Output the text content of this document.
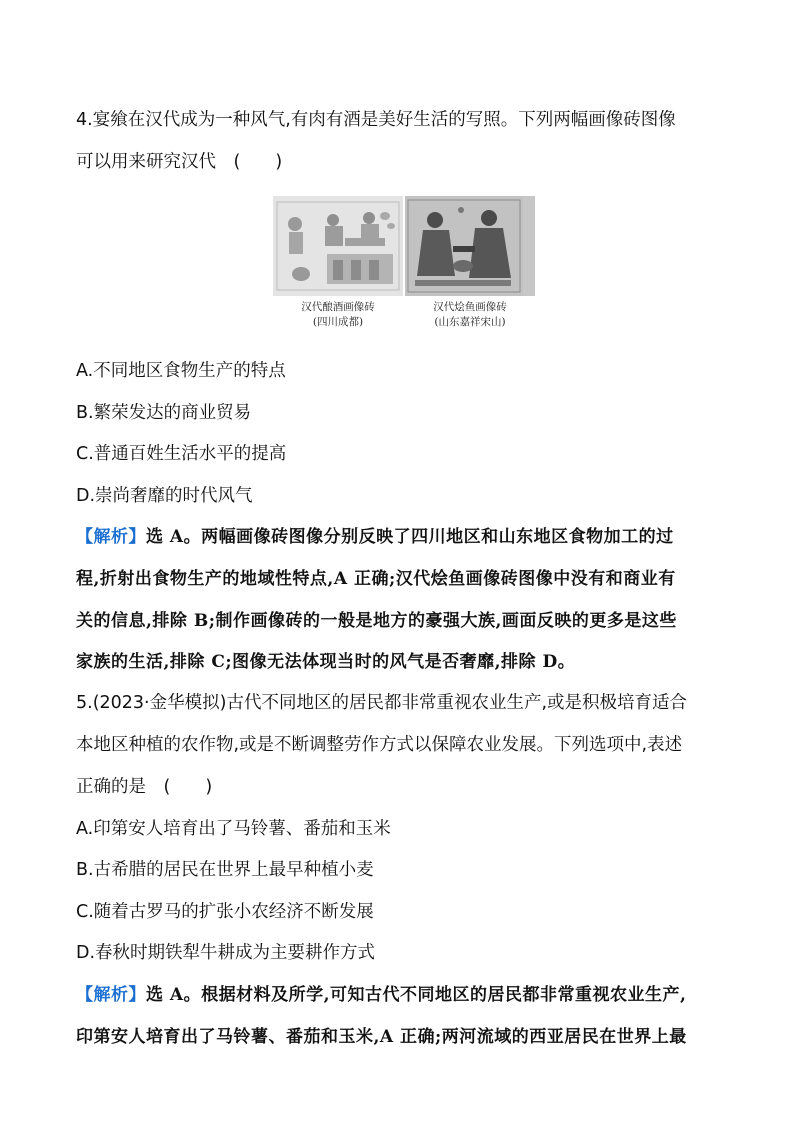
4.宴飨在汉代成为一种风气,有肉有酒是美好生活的写照。下列两幅画像砖图像
可以用来研究汉代　(　　)
汉代酿酒画像砖
(四川成都)
汉代烩鱼画像砖
(山东嘉祥宋山)
A.不同地区食物生产的特点
B.繁荣发达的商业贸易
C.普通百姓生活水平的提高
D.崇尚奢靡的时代风气
【解析】选 A。两幅画像砖图像分别反映了四川地区和山东地区食物加工的过
程,折射出食物生产的地域性特点,A 正确;汉代烩鱼画像砖图像中没有和商业有
关的信息,排除 B;制作画像砖的一般是地方的豪强大族,画面反映的更多是这些
家族的生活,排除 C;图像无法体现当时的风气是否奢靡,排除 D。
5.(2023·金华模拟)古代不同地区的居民都非常重视农业生产,或是积极培育适合
本地区种植的农作物,或是不断调整劳作方式以保障农业发展。下列选项中,表述
正确的是　(　　)
A.印第安人培育出了马铃薯、番茄和玉米
B.古希腊的居民在世界上最早种植小麦
C.随着古罗马的扩张小农经济不断发展
D.春秋时期铁犁牛耕成为主要耕作方式
【解析】选 A。根据材料及所学,可知古代不同地区的居民都非常重视农业生产,
印第安人培育出了马铃薯、番茄和玉米,A 正确;两河流域的西亚居民在世界上最
